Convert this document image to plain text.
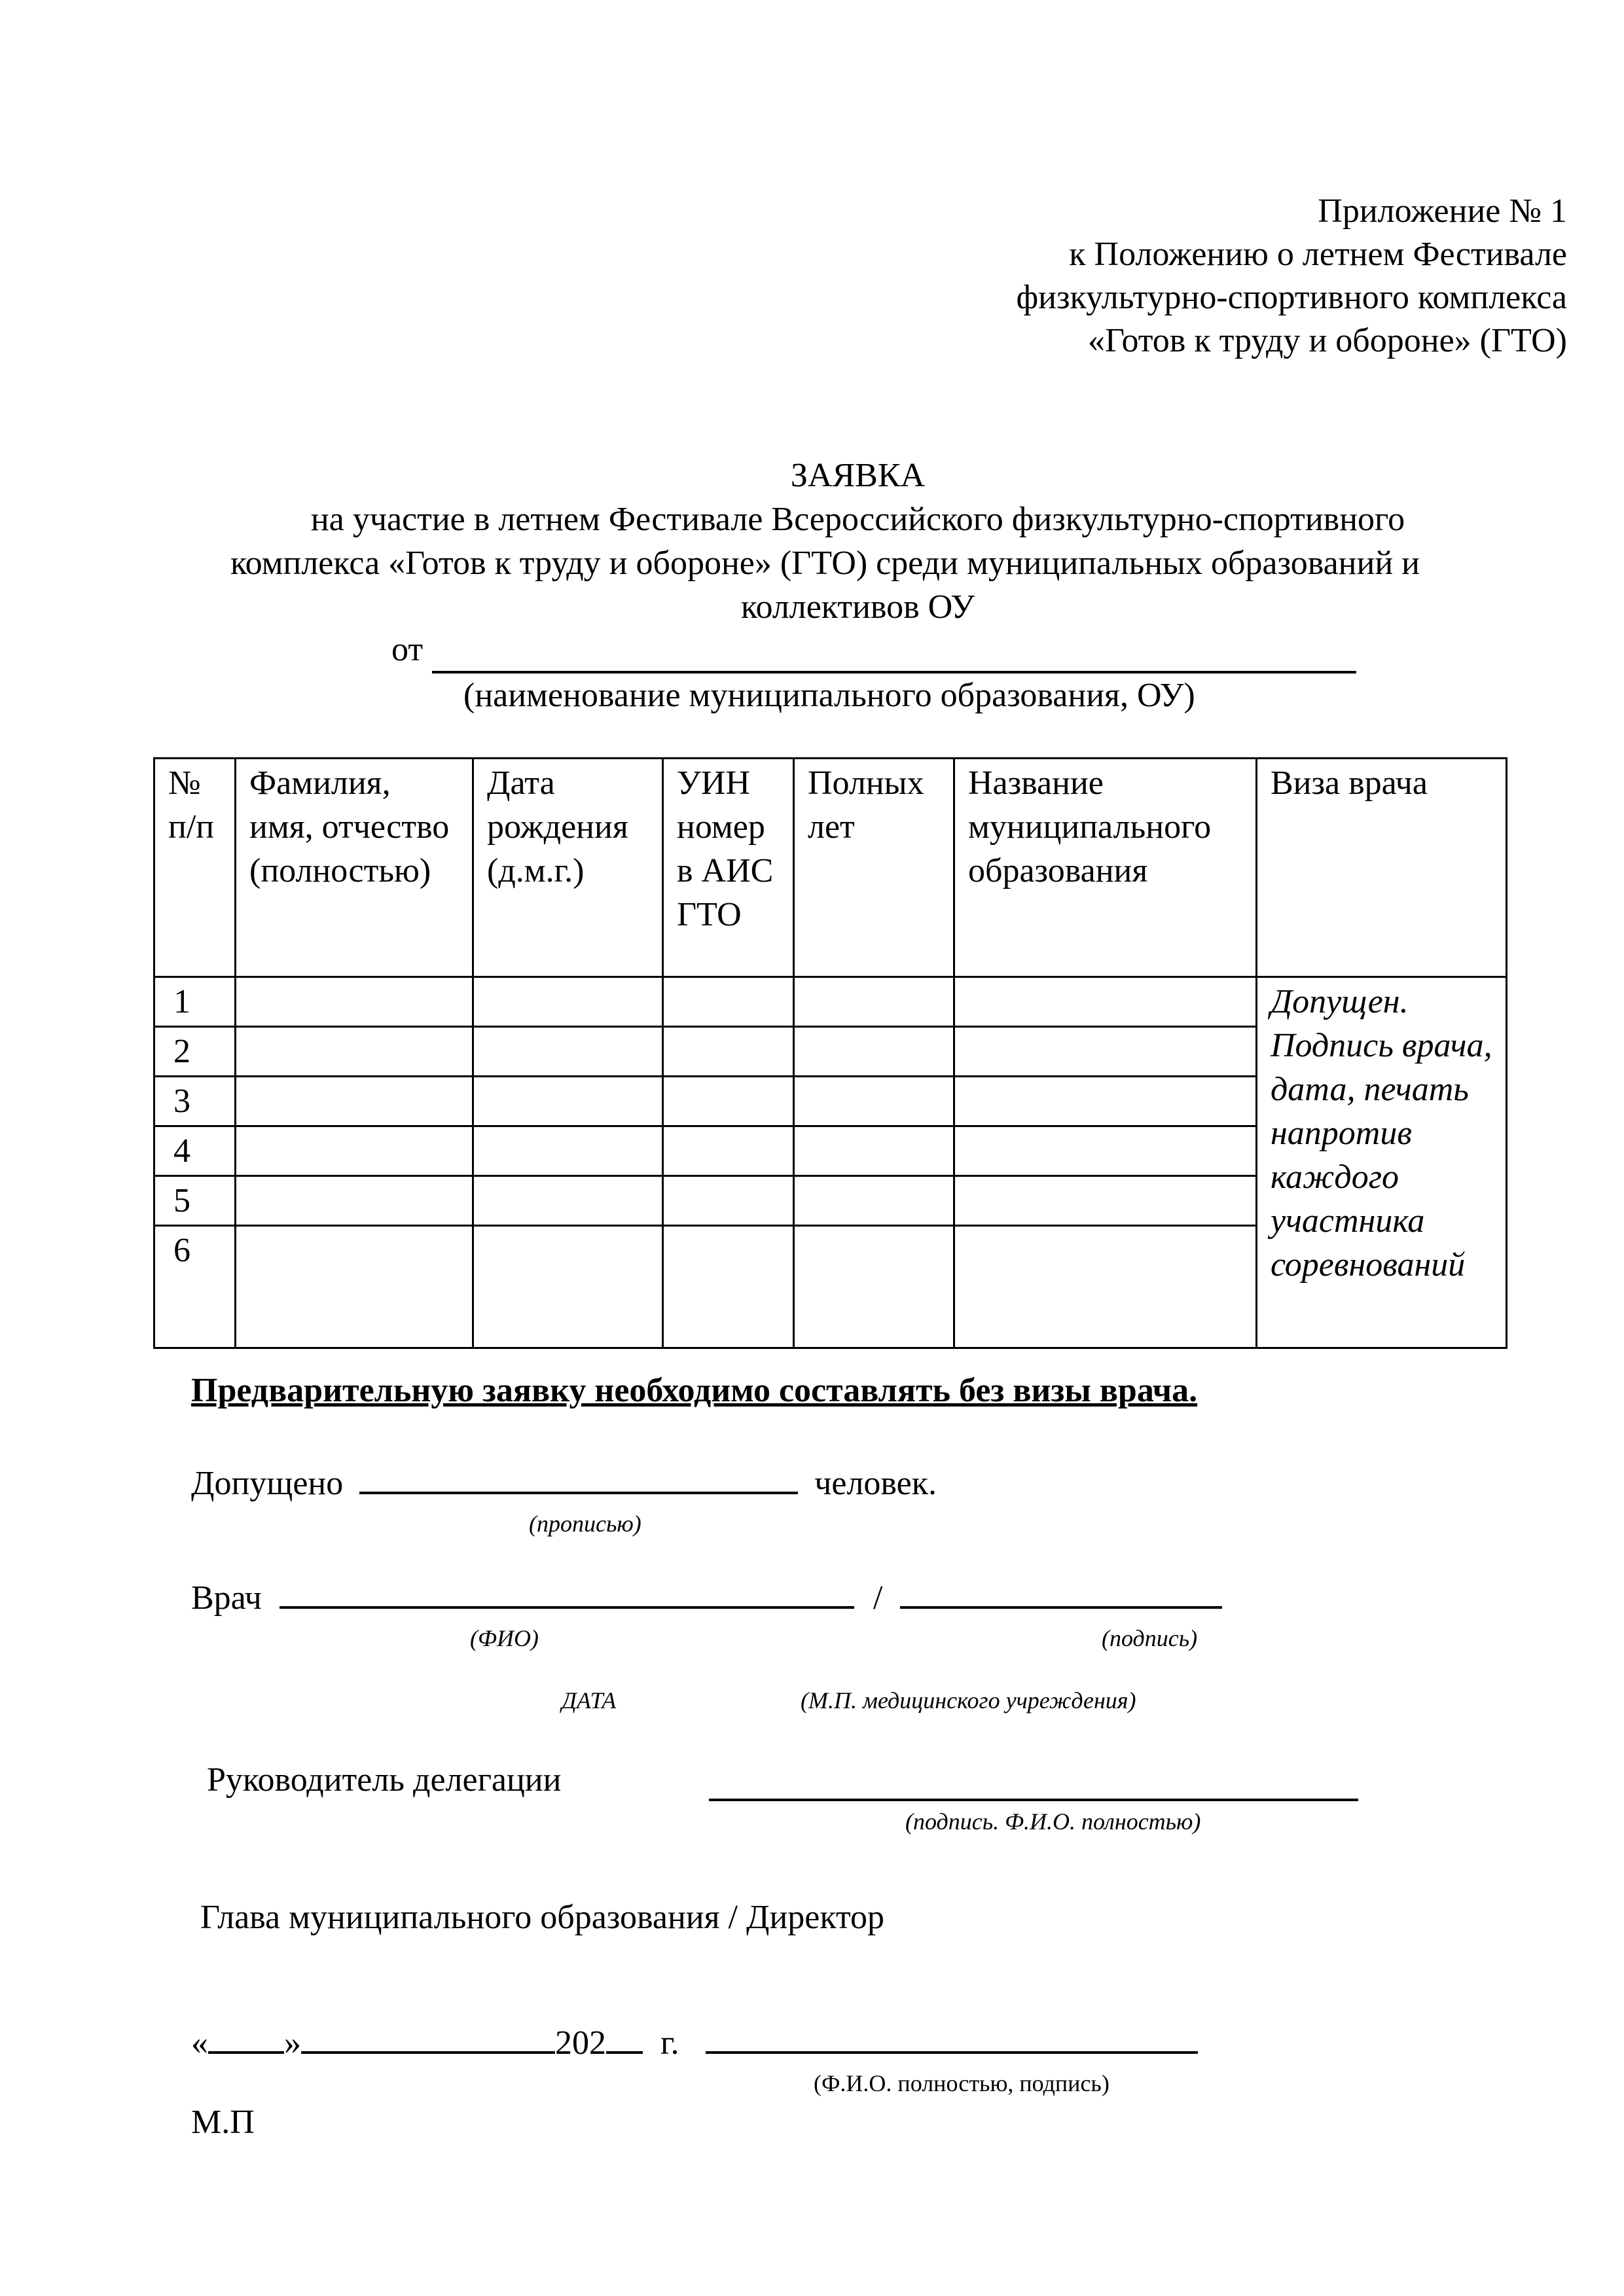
Приложение № 1
к Положению о летнем Фестивале
физкультурно-спортивного комплекса
«Готов к труду и обороне» (ГТО)
ЗАЯВКА
на участие в летнем Фестивале Всероссийского физкультурно-спортивного
комплекса «Готов к труду и обороне» (ГТО) среди муниципальных образований и
коллективов ОУ
от
(наименование муниципального образования, ОУ)
№ п/п	Фамилия, имя, отчество (полностью)	Дата рождения (д.м.г.)	УИН номер в АИС ГТО	Полных лет	Название муниципального образования	Виза врача

1						Допущен. Подпись врача, дата, печать напротив каждого участника соревнований

2						
3						
4						
5						
6						
Предварительную заявку необходимо составлять без визы врача.
Допущено	человек.
(прописью)
Врач	/
(ФИО)	(подпись)
ДАТА	(М.П. медицинского учреждения)
Руководитель делегации
(подпись. Ф.И.О. полностью)
Глава муниципального образования / Директор
« »	202 г.
(Ф.И.О. полностью, подпись)
М.П
